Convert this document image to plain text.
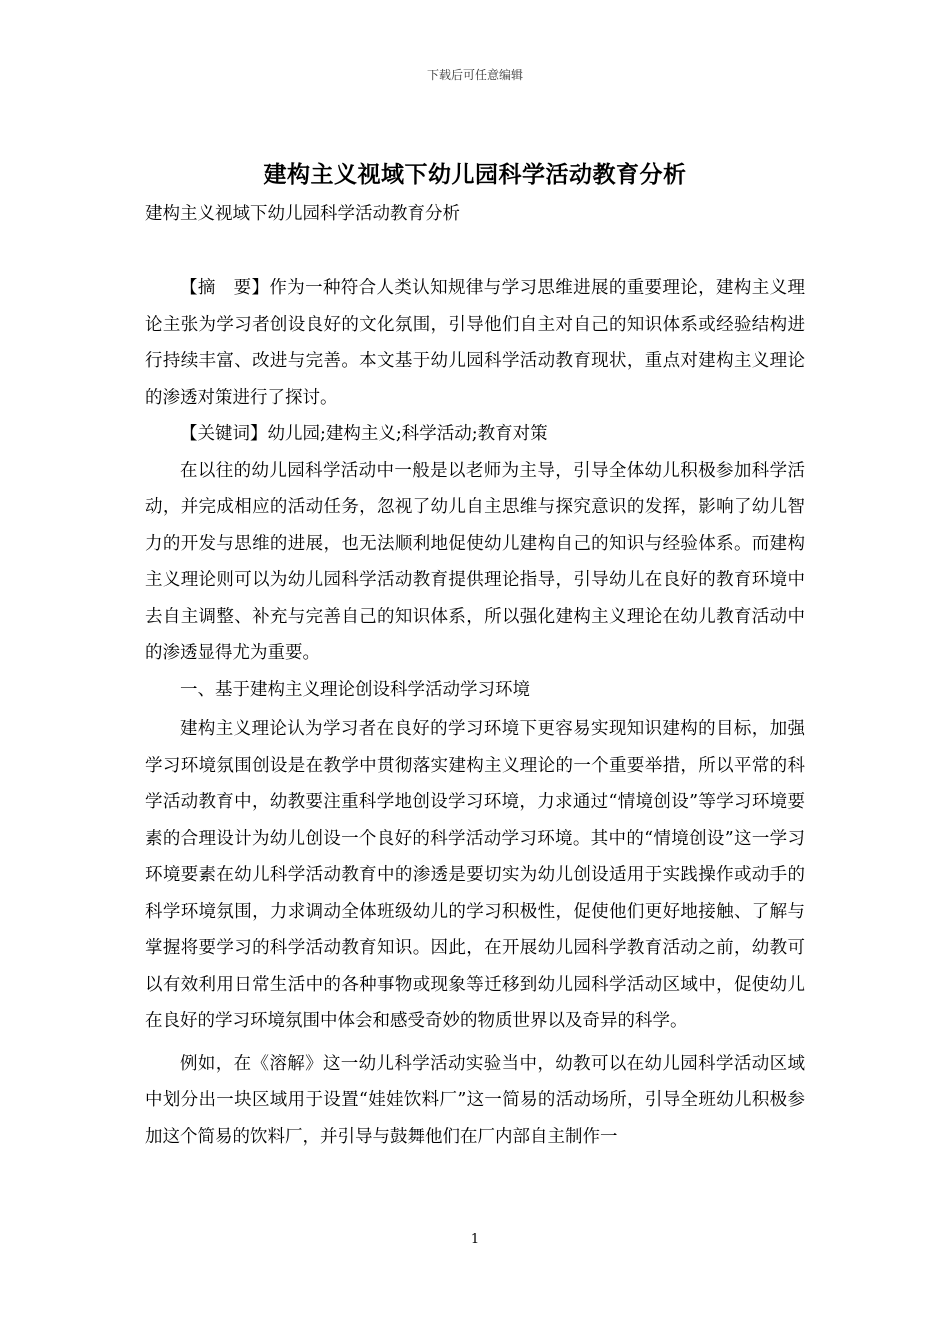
下载后可任意编辑
建构主义视域下幼儿园科学活动教育分析
建构主义视域下幼儿园科学活动教育分析

【摘　要】作为一种符合人类认知规律与学习思维进展的重要理论，建构主义理论主张为学习者创设良好的文化氛围，引导他们自主对自己的知识体系或经验结构进行持续丰富、改进与完善。本文基于幼儿园科学活动教育现状，重点对建构主义理论的渗透对策进行了探讨。

【关键词】幼儿园;建构主义;科学活动;教育对策

在以往的幼儿园科学活动中一般是以老师为主导，引导全体幼儿积极参加科学活动，并完成相应的活动任务，忽视了幼儿自主思维与探究意识的发挥，影响了幼儿智力的开发与思维的进展，也无法顺利地促使幼儿建构自己的知识与经验体系。而建构主义理论则可以为幼儿园科学活动教育提供理论指导，引导幼儿在良好的教育环境中去自主调整、补充与完善自己的知识体系，所以强化建构主义理论在幼儿教育活动中的渗透显得尤为重要。

一、基于建构主义理论创设科学活动学习环境

建构主义理论认为学习者在良好的学习环境下更容易实现知识建构的目标，加强学习环境氛围创设是在教学中贯彻落实建构主义理论的一个重要举措，所以平常的科学活动教育中，幼教要注重科学地创设学习环境，力求通过“情境创设”等学习环境要素的合理设计为幼儿创设一个良好的科学活动学习环境。其中的“情境创设”这一学习环境要素在幼儿科学活动教育中的渗透是要切实为幼儿创设适用于实践操作或动手的科学环境氛围，力求调动全体班级幼儿的学习积极性，促使他们更好地接触、了解与掌握将要学习的科学活动教育知识。因此，在开展幼儿园科学教育活动之前，幼教可以有效利用日常生活中的各种事物或现象等迁移到幼儿园科学活动区域中，促使幼儿在良好的学习环境氛围中体会和感受奇妙的物质世界以及奇异的科学。

例如，在《溶解》这一幼儿科学活动实验当中，幼教可以在幼儿园科学活动区域中划分出一块区域用于设置“娃娃饮料厂”这一简易的活动场所，引导全班幼儿积极参加这个简易的饮料厂，并引导与鼓舞他们在厂内部自主制作一

1
